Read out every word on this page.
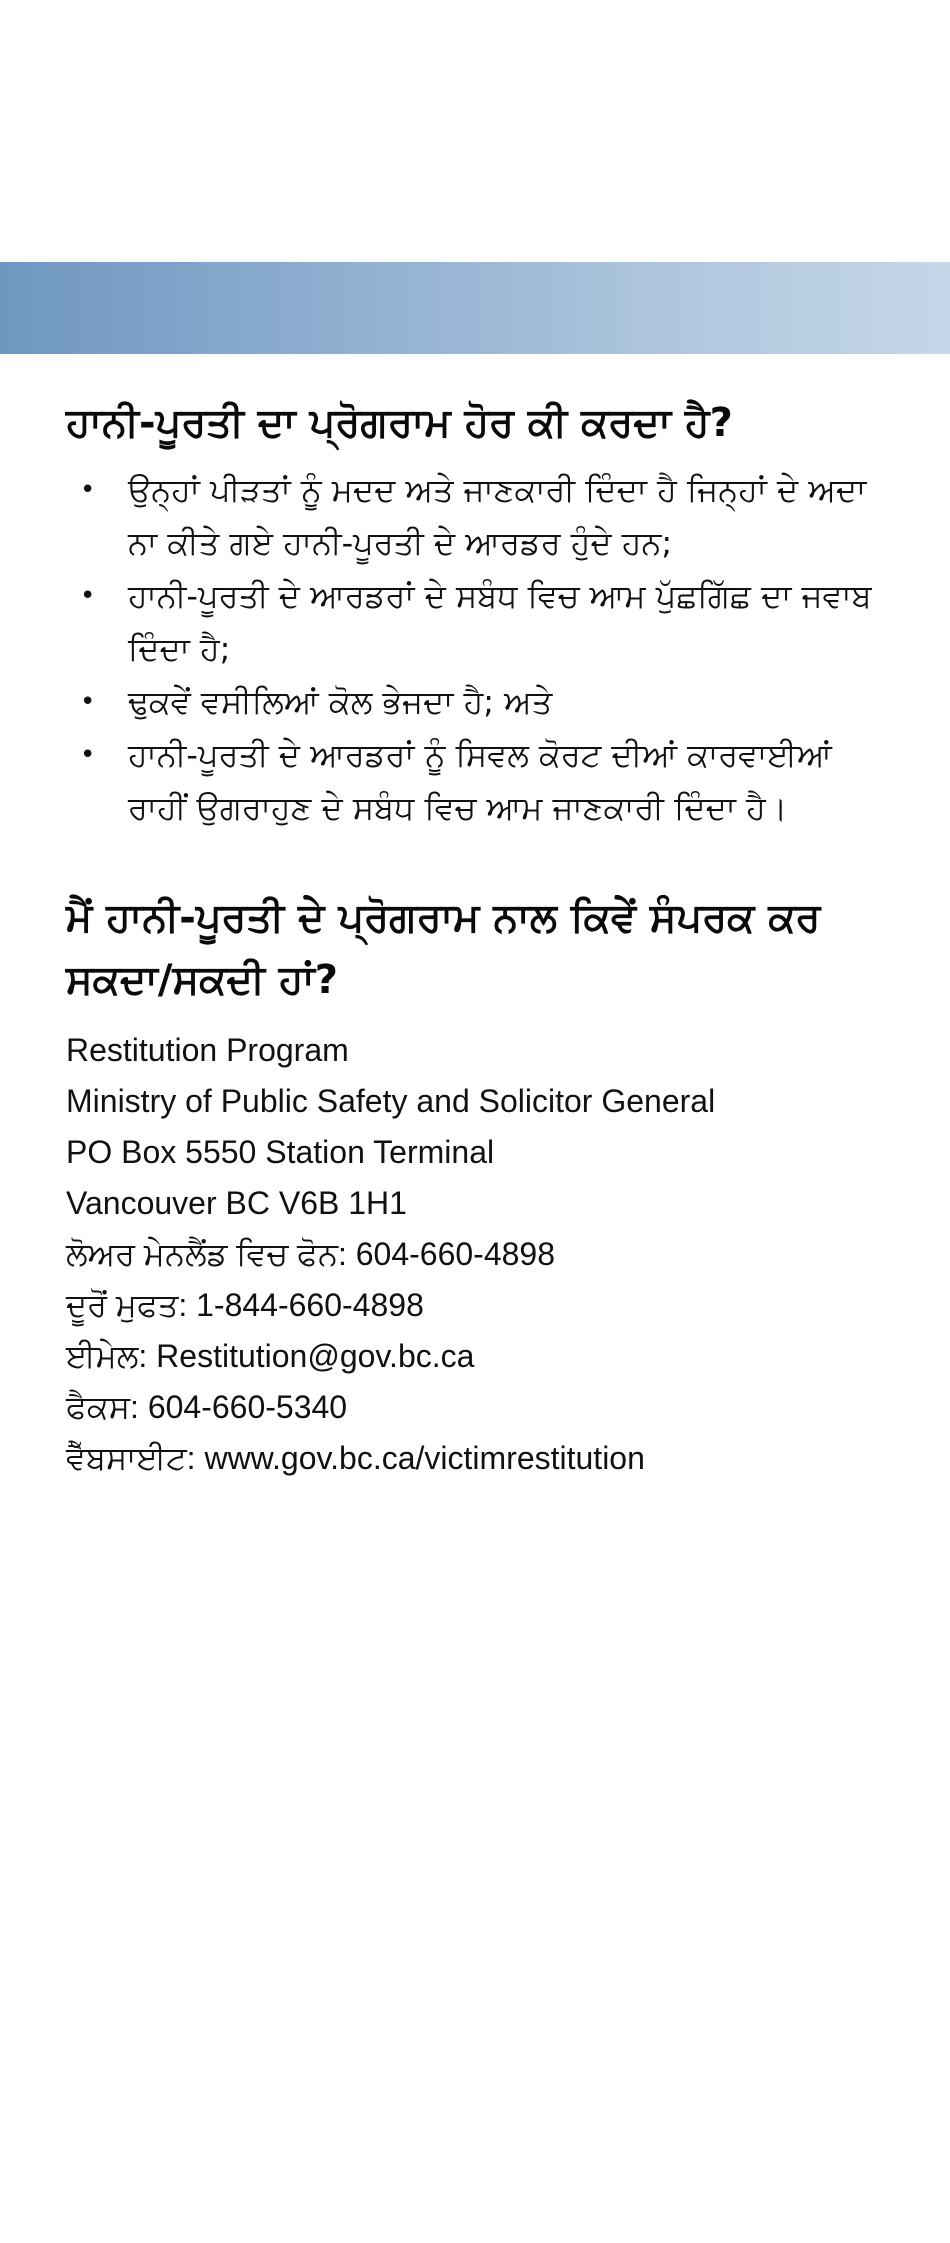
ਹਾਨੀ-ਪੂਰਤੀ ਦਾ ਪ੍ਰੋਗਰਾਮ ਹੋਰ ਕੀ ਕਰਦਾ ਹੈ?
• ਉਨ੍ਹਾਂ ਪੀੜਤਾਂ ਨੂੰ ਮਦਦ ਅਤੇ ਜਾਣਕਾਰੀ ਦਿੰਦਾ ਹੈ ਜਿਨ੍ਹਾਂ ਦੇ ਅਦਾ ਨਾ ਕੀਤੇ ਗਏ ਹਾਨੀ-ਪੂਰਤੀ ਦੇ ਆਰਡਰ ਹੁੰਦੇ ਹਨ;
• ਹਾਨੀ-ਪੂਰਤੀ ਦੇ ਆਰਡਰਾਂ ਦੇ ਸਬੰਧ ਵਿਚ ਆਮ ਪੁੱਛਗਿੱਛ ਦਾ ਜਵਾਬ ਦਿੰਦਾ ਹੈ;
• ਢੁਕਵੇਂ ਵਸੀਲਿਆਂ ਕੋਲ ਭੇਜਦਾ ਹੈ; ਅਤੇ
• ਹਾਨੀ-ਪੂਰਤੀ ਦੇ ਆਰਡਰਾਂ ਨੂੰ ਸਿਵਲ ਕੋਰਟ ਦੀਆਂ ਕਾਰਵਾਈਆਂ ਰਾਹੀਂ ਉਗਰਾਹੁਣ ਦੇ ਸਬੰਧ ਵਿਚ ਆਮ ਜਾਣਕਾਰੀ ਦਿੰਦਾ ਹੈ।
ਮੈਂ ਹਾਨੀ-ਪੂਰਤੀ ਦੇ ਪ੍ਰੋਗਰਾਮ ਨਾਲ ਕਿਵੇਂ ਸੰਪਰਕ ਕਰ ਸਕਦਾ/ਸਕਦੀ ਹਾਂ?
Restitution Program
Ministry of Public Safety and Solicitor General
PO Box 5550 Station Terminal
Vancouver BC V6B 1H1
ਲੋਅਰ ਮੇਨਲੈਂਡ ਵਿਚ ਫੋਨ: 604-660-4898
ਦੂਰੋਂ ਮੁਫਤ: 1-844-660-4898
ਈਮੇਲ: Restitution@gov.bc.ca
ਫੈਕਸ: 604-660-5340
ਵੈੱਬਸਾਈਟ: www.gov.bc.ca/victimrestitution
